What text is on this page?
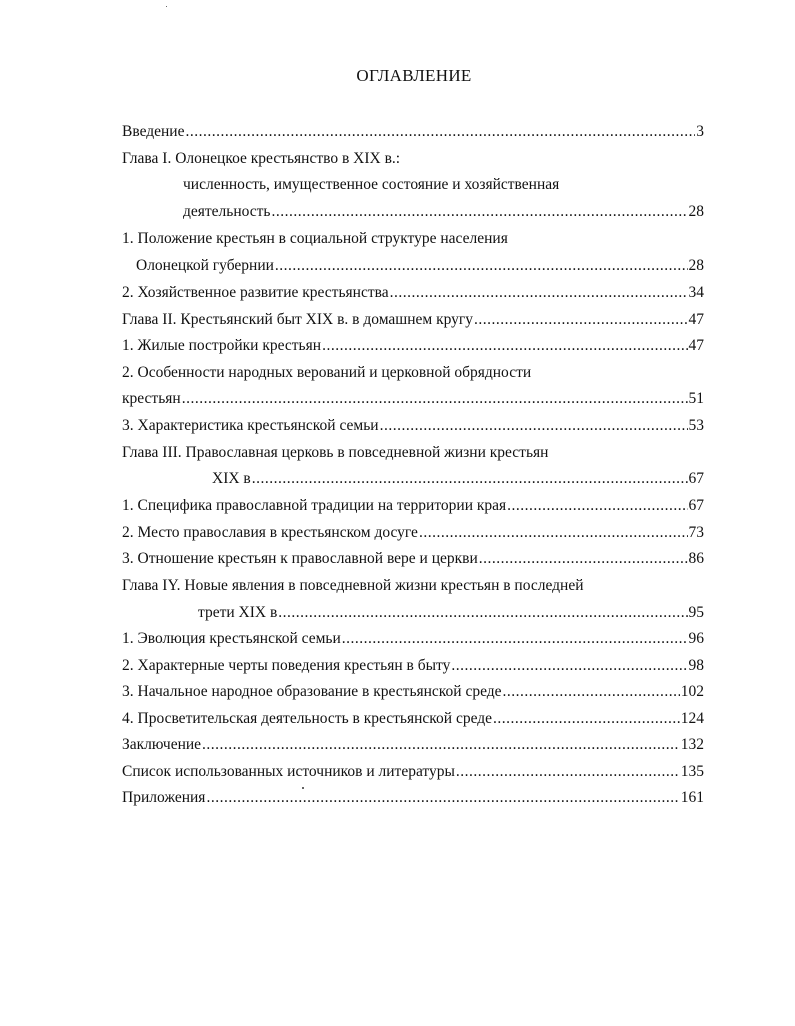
ОГЛАВЛЕНИЕ
Введение .....	3
Глава I. Олонецкое крестьянство в XIX в.:
численность, имущественное состояние и хозяйственная
деятельность .....	28
1. Положение крестьян в социальной структуре населения
Олонецкой губернии .....	28
2. Хозяйственное развитие крестьянства .....	34
Глава II. Крестьянский быт XIX в. в домашнем кругу .....	47
1. Жилые постройки крестьян .....	47
2. Особенности народных верований и церковной обрядности
крестьян .....	51
3. Характеристика крестьянской семьи .....	53
Глава III. Православная церковь в повседневной жизни крестьян
XIX в .....	67
1. Специфика православной традиции на территории края .....	67
2. Место православия в крестьянском досуге .....	73
3. Отношение крестьян к православной вере и церкви .....	86
Глава IY. Новые явления в повседневной жизни крестьян в последней
трети XIX в .....	95
1. Эволюция крестьянской семьи .....	96
2. Характерные черты поведения крестьян в быту .....	98
3. Начальное народное образование в крестьянской среде .....	102
4. Просветительская деятельность в крестьянской среде .....	124
Заключение .....	132
Список использованных источников и литературы .....	135
Приложения .....	161
